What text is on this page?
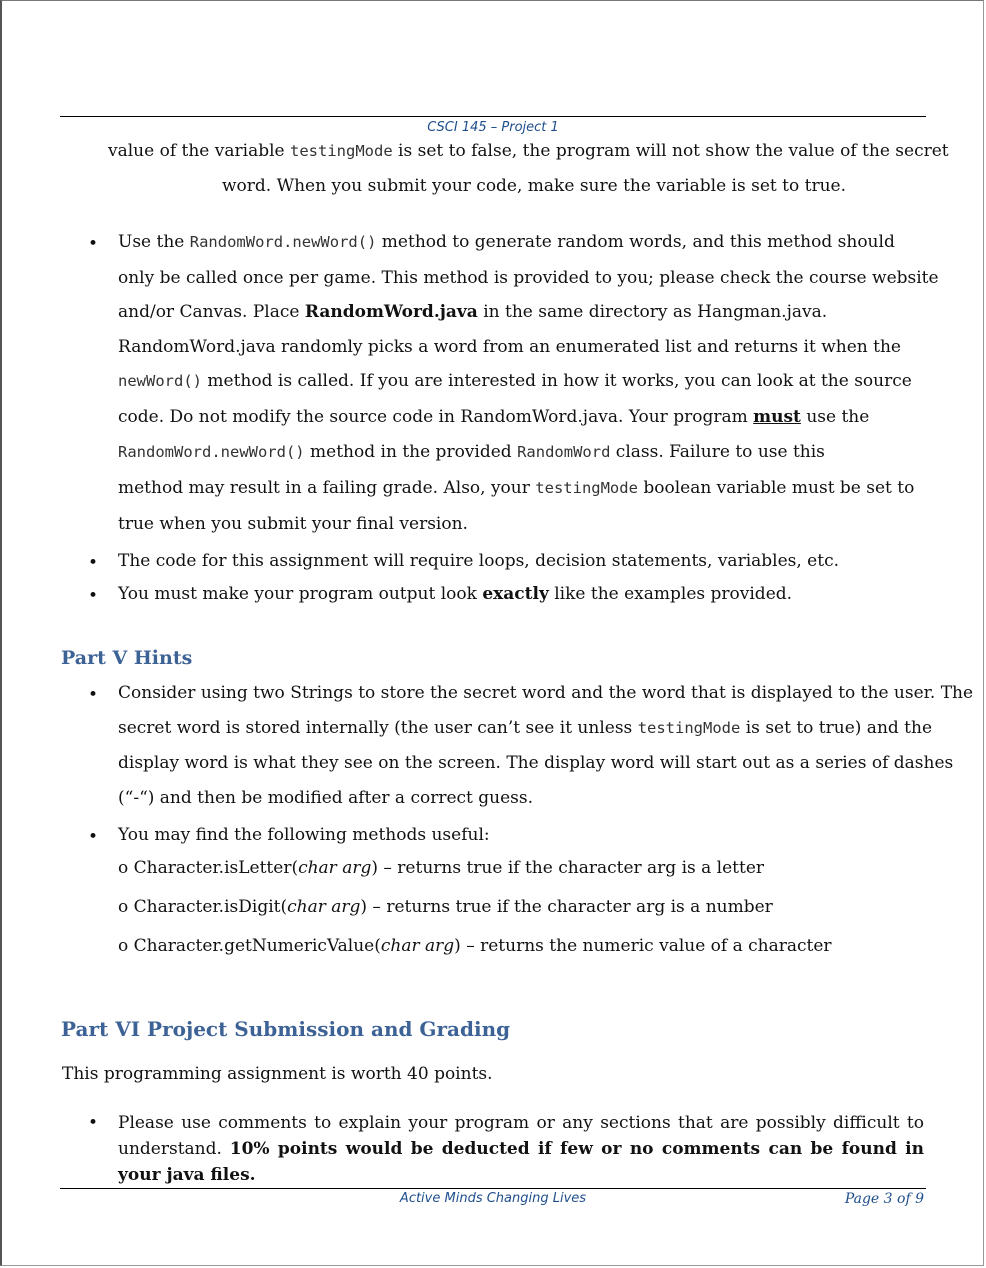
CSCI 145 – Project 1
value of the variable testingMode is set to false, the program will not show the value of the secret
word. When you submit your code, make sure the variable is set to true.
• Use the RandomWord.newWord() method to generate random words, and this method should
only be called once per game. This method is provided to you; please check the course website
and/or Canvas. Place RandomWord.java in the same directory as Hangman.java.
RandomWord.java randomly picks a word from an enumerated list and returns it when the
newWord() method is called. If you are interested in how it works, you can look at the source
code. Do not modify the source code in RandomWord.java. Your program must use the
RandomWord.newWord() method in the provided RandomWord class. Failure to use this
method may result in a failing grade. Also, your testingMode boolean variable must be set to
true when you submit your final version.
• The code for this assignment will require loops, decision statements, variables, etc.
• You must make your program output look exactly like the examples provided.
Part V Hints
• Consider using two Strings to store the secret word and the word that is displayed to the user. The
secret word is stored internally (the user can’t see it unless testingMode is set to true) and the
display word is what they see on the screen. The display word will start out as a series of dashes
(“-“) and then be modified after a correct guess.
• You may find the following methods useful:
o Character.isLetter(char arg) – returns true if the character arg is a letter
o Character.isDigit(char arg) – returns true if the character arg is a number
o Character.getNumericValue(char arg) – returns the numeric value of a character
Part VI Project Submission and Grading
This programming assignment is worth 40 points.
• Please use comments to explain your program or any sections that are possibly difficult to understand. 10% points would be deducted if few or no comments can be found in your java files.
Active Minds Changing Lives	Page 3 of 9
